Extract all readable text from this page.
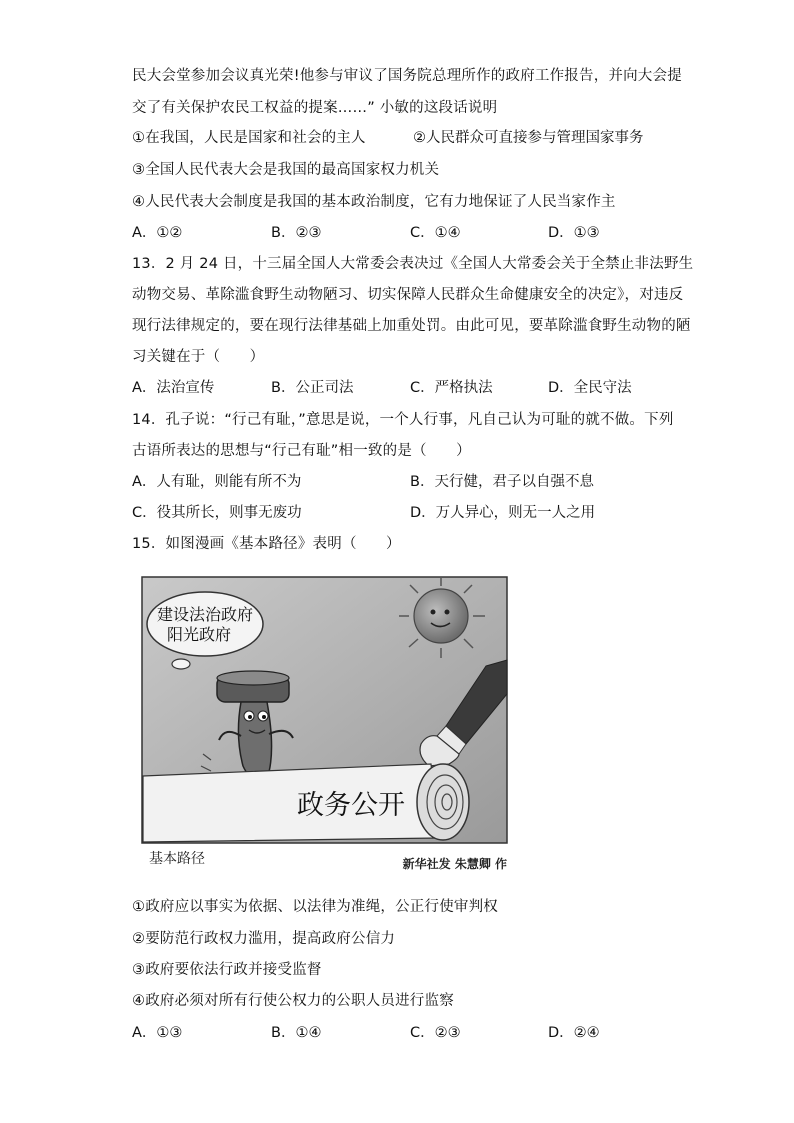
民大会堂参加会议真光荣!他参与审议了国务院总理所作的政府工作报告，并向大会提
交了有关保护农民工权益的提案……” 小敏的这段话说明
①在我国，人民是国家和社会的主人	②人民群众可直接参与管理国家事务
③全国人民代表大会是我国的最高国家权力机关
④人民代表大会制度是我国的基本政治制度，它有力地保证了人民当家作主
A．①②	B．②③	C．①④	D．①③
13．2 月 24 日，十三届全国人大常委会表决过《全国人大常委会关于全禁止非法野生
动物交易、革除滥食野生动物陋习、切实保障人民群众生命健康安全的决定》，对违反
现行法律规定的，要在现行法律基础上加重处罚。由此可见，要革除滥食野生动物的陋
习关键在于（　　）
A．法治宣传	B．公正司法	C．严格执法	D．全民守法
14．孔子说：“行己有耻，”意思是说，一个人行事，凡自己认为可耻的就不做。下列
古语所表达的思想与“行己有耻”相一致的是（　　）
A．人有耻，则能有所不为	B．天行健，君子以自强不息
C．役其所长，则事无废功	D．万人异心，则无一人之用
15．如图漫画《基本路径》表明（　　）
建设法治政府
阳光政府
政务公开
基本路径	新华社发 朱慧卿 作
①政府应以事实为依据、以法律为准绳，公正行使审判权
②要防范行政权力滥用，提高政府公信力
③政府要依法行政并接受监督
④政府必须对所有行使公权力的公职人员进行监察
A．①③	B．①④	C．②③	D．②④
